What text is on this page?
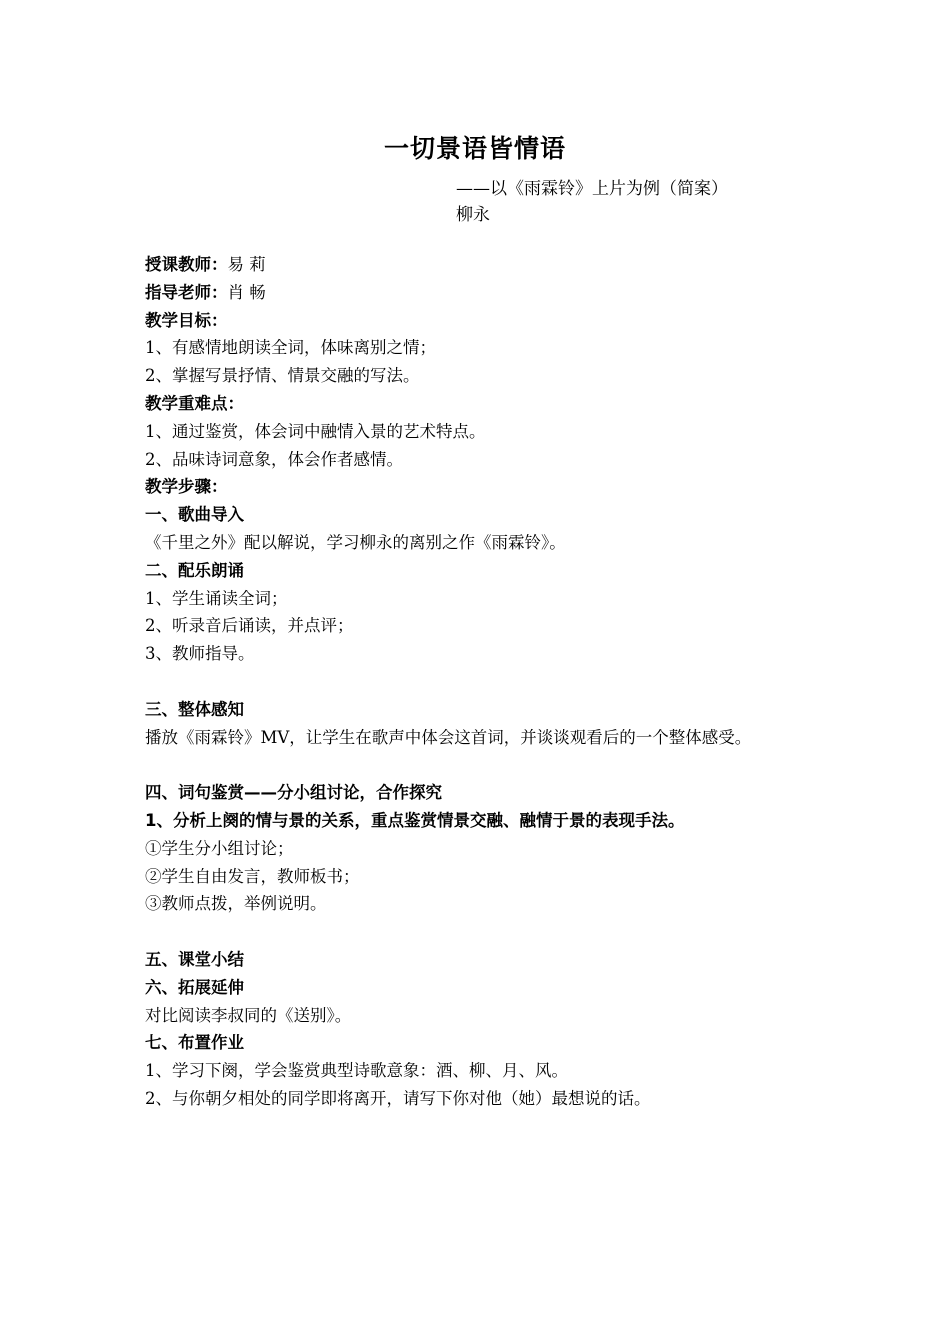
一切景语皆情语
——以《雨霖铃》上片为例（简案）
柳永
授课教师：易 莉
指导老师：肖 畅
教学目标：
1、有感情地朗读全词，体味离别之情；
2、掌握写景抒情、情景交融的写法。
教学重难点：
1、通过鉴赏，体会词中融情入景的艺术特点。
2、品味诗词意象，体会作者感情。
教学步骤：
一、歌曲导入
《千里之外》配以解说，学习柳永的离别之作《雨霖铃》。
二、配乐朗诵
1、学生诵读全词；
2、听录音后诵读，并点评；
3、教师指导。
三、整体感知
播放《雨霖铃》MV，让学生在歌声中体会这首词，并谈谈观看后的一个整体感受。
四、词句鉴赏——分小组讨论，合作探究
1、分析上阕的情与景的关系，重点鉴赏情景交融、融情于景的表现手法。
①学生分小组讨论；
②学生自由发言，教师板书；
③教师点拨，举例说明。
五、课堂小结
六、拓展延伸
对比阅读李叔同的《送别》。
七、布置作业
1、学习下阕，学会鉴赏典型诗歌意象：酒、柳、月、风。
2、与你朝夕相处的同学即将离开，请写下你对他（她）最想说的话。
